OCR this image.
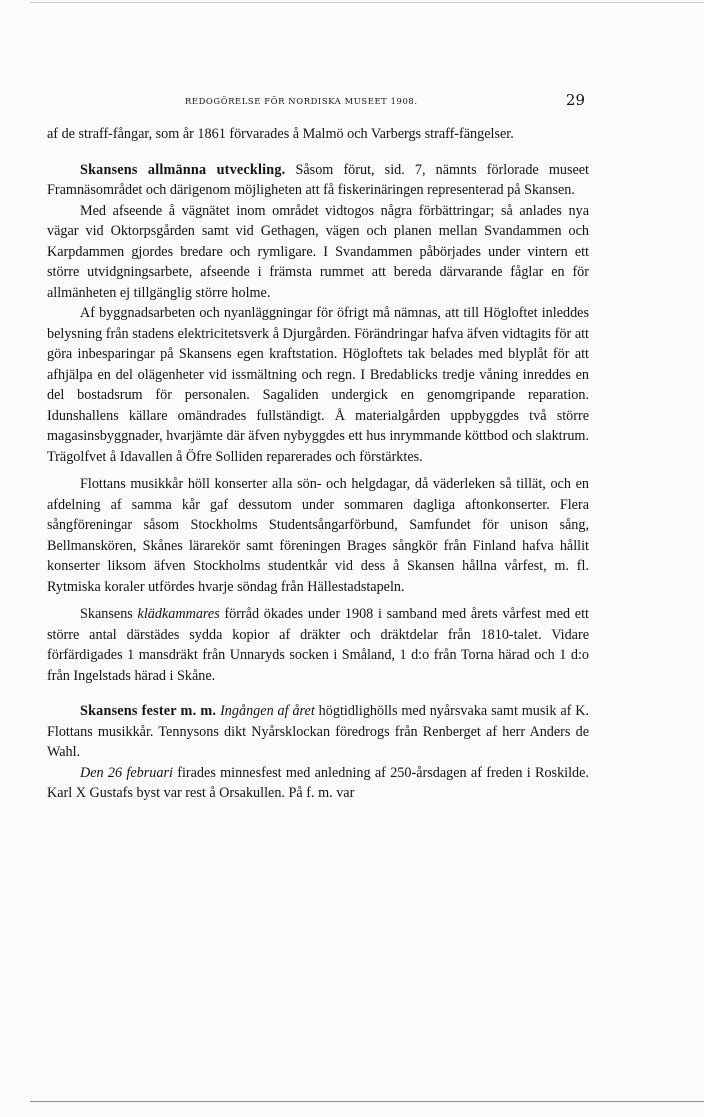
REDOGÖRELSE FÖR NORDISKA MUSEET 1908.	29

af de straff-fångar, som år 1861 förvarades å Malmö och Varbergs straff-fängelser.

Skansens allmänna utveckling. Såsom förut, sid. 7, nämnts förlorade museet Framnäsområdet och därigenom möjligheten att få fiskerinäringen representerad på Skansen.

Med afseende å vägnätet inom området vidtogos några förbättringar; så anlades nya vägar vid Oktorpsgården samt vid Gethagen, vägen och planen mellan Svandammen och Karpdammen gjordes bredare och rymligare. I Svandammen påbörjades under vintern ett större utvidgningsarbete, afseende i främsta rummet att bereda därvarande fåglar en för allmänheten ej tillgänglig större holme.

Af byggnadsarbeten och nyanläggningar för öfrigt må nämnas, att till Högloftet inleddes belysning från stadens elektricitetsverk å Djurgården. Förändringar hafva äfven vidtagits för att göra inbesparingar på Skansens egen kraftstation. Högloftets tak belades med blyplåt för att afhjälpa en del olägenheter vid issmältning och regn. I Bredablicks tredje våning inreddes en del bostadsrum för personalen. Sagaliden undergick en genomgripande reparation. Idunshallens källare omändrades fullständigt. Å materialgården uppbyggdes två större magasinsbyggnader, hvarjämte där äfven nybyggdes ett hus inrymmande köttbod och slaktrum. Trägolfvet å Idavallen å Öfre Solliden reparerades och förstärktes.

Flottans musikkår höll konserter alla sön- och helgdagar, då väderleken så tillät, och en afdelning af samma kår gaf dessutom under sommaren dagliga aftonkonserter. Flera sångföreningar såsom Stockholms Studentsångarförbund, Samfundet för unison sång, Bellmanskören, Skånes lärarekör samt föreningen Brages sångkör från Finland hafva hållit konserter liksom äfven Stockholms studentkår vid dess å Skansen hållna vårfest, m. fl. Rytmiska koraler utfördes hvarje söndag från Hällestadstapeln.

Skansens klädkammares förråd ökades under 1908 i samband med årets vårfest med ett större antal därstädes sydda kopior af dräkter och dräktdelar från 1810-talet. Vidare förfärdigades 1 mansdräkt från Unnaryds socken i Småland, 1 d:o från Torna härad och 1 d:o från Ingelstads härad i Skåne.

Skansens fester m. m. Ingången af året högtidlighölls med nyårsvaka samt musik af K. Flottans musikkår. Tennysons dikt Nyårsklockan föredrogs från Renberget af herr Anders de Wahl.

Den 26 februari firades minnesfest med anledning af 250-årsdagen af freden i Roskilde. Karl X Gustafs byst var rest å Orsakullen. På f. m. var
